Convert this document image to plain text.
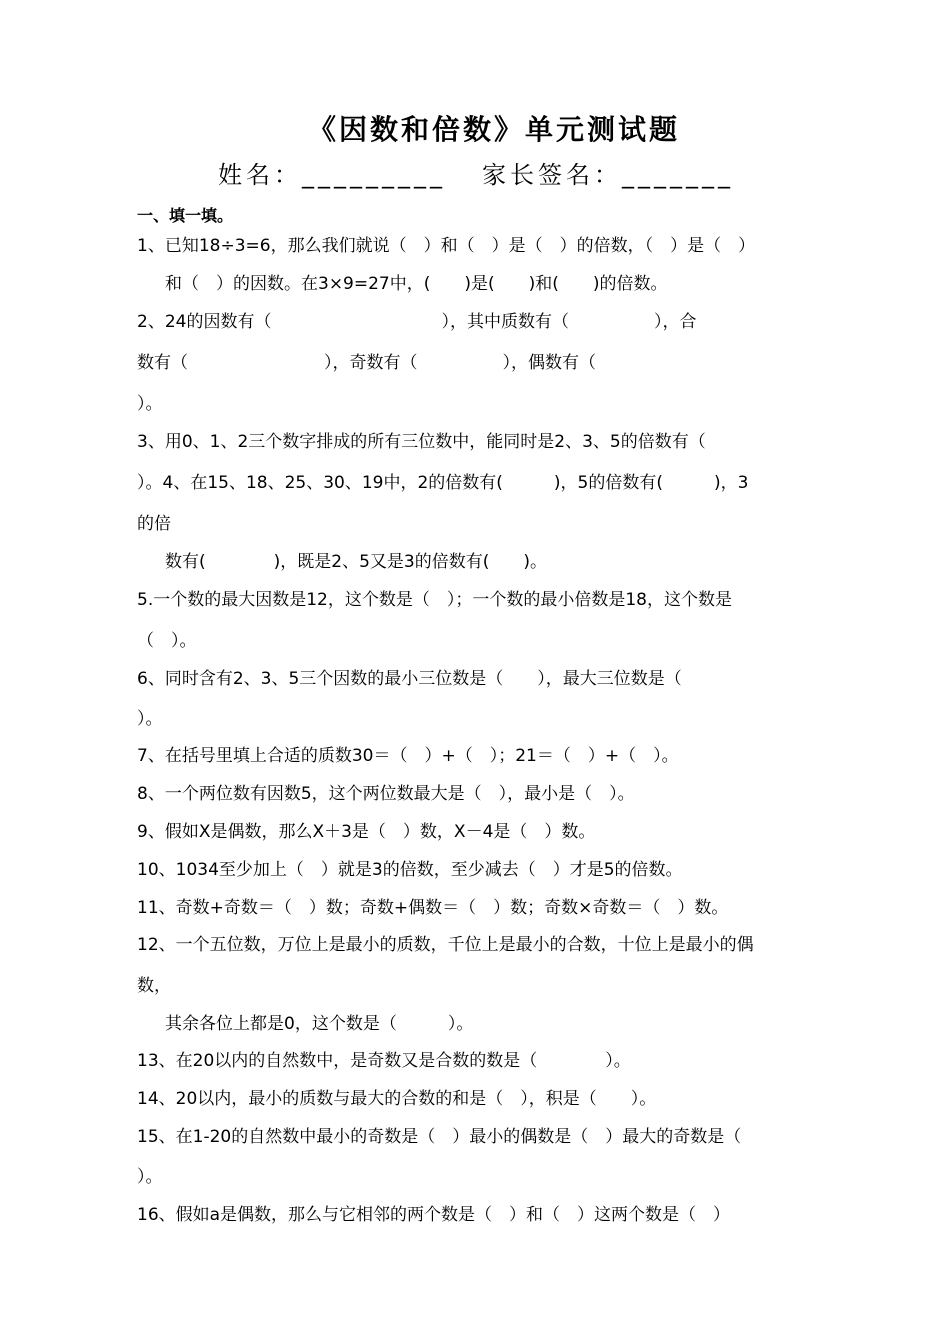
《因数和倍数》单元测试题
姓名：_________ 家长签名：_______
一、填一填。
1、已知18÷3=6，那么我们就说（　）和（　）是（　）的倍数，（　）是（　）
和（　）的因数。在3×9=27中，(　　)是(　　)和(　　)的倍数。
2、24的因数有（　　　　　　　　　　），其中质数有（　　　　　），合
数有（　　　　　　　　），奇数有（　　　　　），偶数有（
）。
3、用0、1、2三个数字排成的所有三位数中，能同时是2、3、5的倍数有（
）。4、在15、18、25、30、19中，2的倍数有(　　　)，5的倍数有(　　　)，3
的倍
数有(　　　　)，既是2、5又是3的倍数有(　　)。
5.一个数的最大因数是12，这个数是（　）；一个数的最小倍数是18，这个数是
（　）。
6、同时含有2、3、5三个因数的最小三位数是（　　），最大三位数是（
）。
7、在括号里填上合适的质数30＝（　）+（　）；21＝（　）+（　）。
8、一个两位数有因数5，这个两位数最大是（　），最小是（　）。
9、假如X是偶数，那么X＋3是（　）数，X－4是（　）数。
10、1034至少加上（　）就是3的倍数，至少减去（　）才是5的倍数。
11、奇数+奇数＝（　）数；奇数+偶数＝（　）数；奇数×奇数＝（　）数。
12、一个五位数，万位上是最小的质数，千位上是最小的合数，十位上是最小的偶
数，
其余各位上都是0，这个数是（　　　）。
13、在20以内的自然数中，是奇数又是合数的数是（　　　　）。
14、20以内，最小的质数与最大的合数的和是（　），积是（　　）。
15、在1-20的自然数中最小的奇数是（　）最小的偶数是（　）最大的奇数是（
）。
16、假如a是偶数，那么与它相邻的两个数是（　）和（　）这两个数是（　）
